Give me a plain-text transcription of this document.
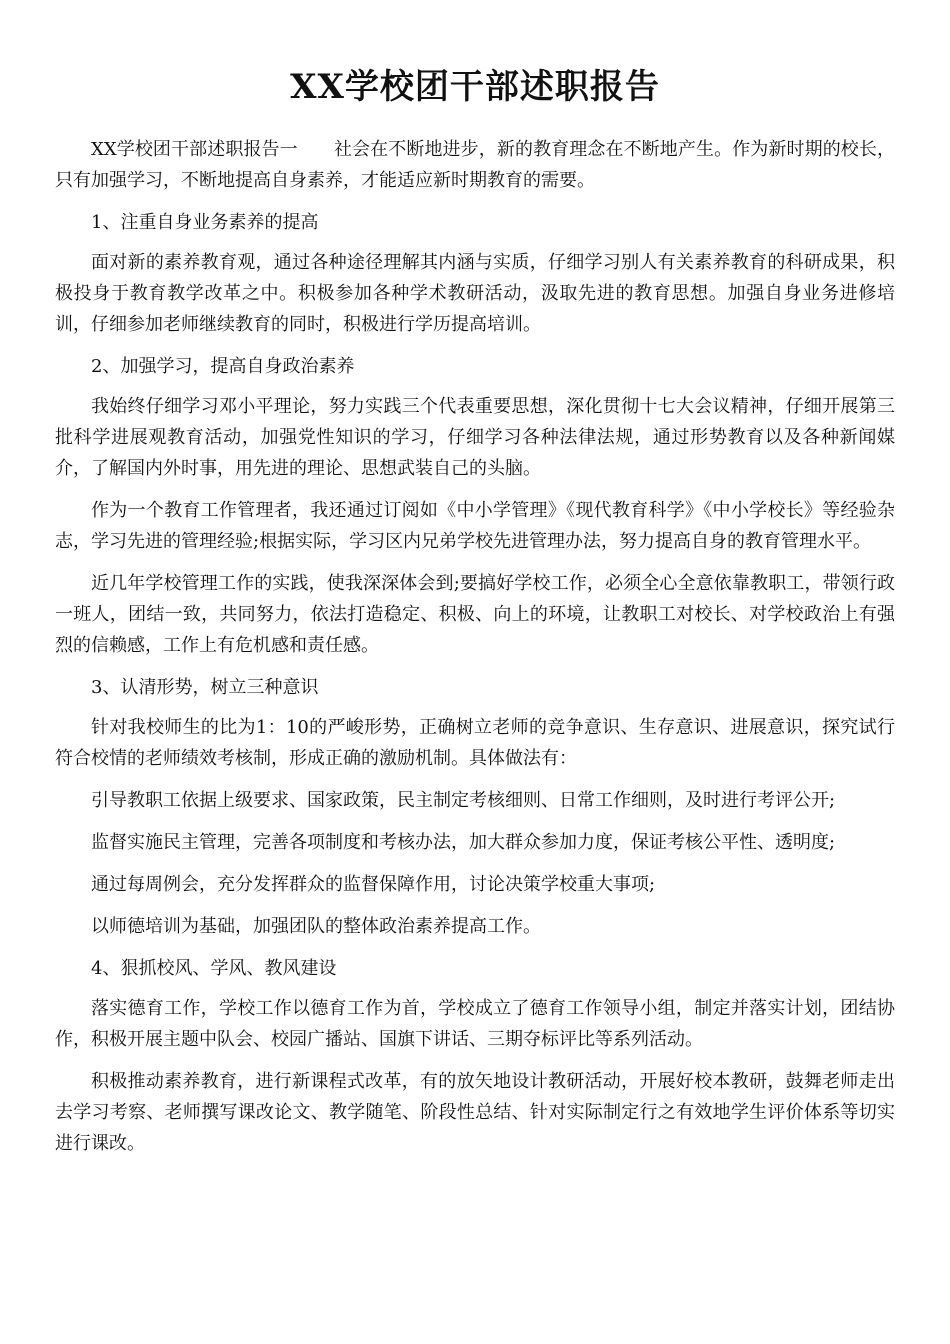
XX学校团干部述职报告

XX学校团干部述职报告一　　社会在不断地进步，新的教育理念在不断地产生。作为新时期的校长，只有加强学习，不断地提高自身素养，才能适应新时期教育的需要。

1、注重自身业务素养的提高

面对新的素养教育观，通过各种途径理解其内涵与实质，仔细学习别人有关素养教育的科研成果，积极投身于教育教学改革之中。积极参加各种学术教研活动，汲取先进的教育思想。加强自身业务进修培训，仔细参加老师继续教育的同时，积极进行学历提高培训。

2、加强学习，提高自身政治素养

我始终仔细学习邓小平理论，努力实践三个代表重要思想，深化贯彻十七大会议精神，仔细开展第三批科学进展观教育活动，加强党性知识的学习，仔细学习各种法律法规，通过形势教育以及各种新闻媒介，了解国内外时事，用先进的理论、思想武装自己的头脑。

作为一个教育工作管理者，我还通过订阅如《中小学管理》《现代教育科学》《中小学校长》等经验杂志，学习先进的管理经验;根据实际，学习区内兄弟学校先进管理办法，努力提高自身的教育管理水平。

近几年学校管理工作的实践，使我深深体会到;要搞好学校工作，必须全心全意依靠教职工，带领行政一班人，团结一致，共同努力，依法打造稳定、积极、向上的环境，让教职工对校长、对学校政治上有强烈的信赖感，工作上有危机感和责任感。

3、认清形势，树立三种意识

针对我校师生的比为1：10的严峻形势，正确树立老师的竞争意识、生存意识、进展意识，探究试行符合校情的老师绩效考核制，形成正确的激励机制。具体做法有：

引导教职工依据上级要求、国家政策，民主制定考核细则、日常工作细则，及时进行考评公开;

监督实施民主管理，完善各项制度和考核办法，加大群众参加力度，保证考核公平性、透明度;

通过每周例会，充分发挥群众的监督保障作用，讨论决策学校重大事项;

以师德培训为基础，加强团队的整体政治素养提高工作。

4、狠抓校风、学风、教风建设

落实德育工作，学校工作以德育工作为首，学校成立了德育工作领导小组，制定并落实计划，团结协作，积极开展主题中队会、校园广播站、国旗下讲话、三期夺标评比等系列活动。

积极推动素养教育，进行新课程式改革，有的放矢地设计教研活动，开展好校本教研，鼓舞老师走出去学习考察、老师撰写课改论文、教学随笔、阶段性总结、针对实际制定行之有效地学生评价体系等切实进行课改。
